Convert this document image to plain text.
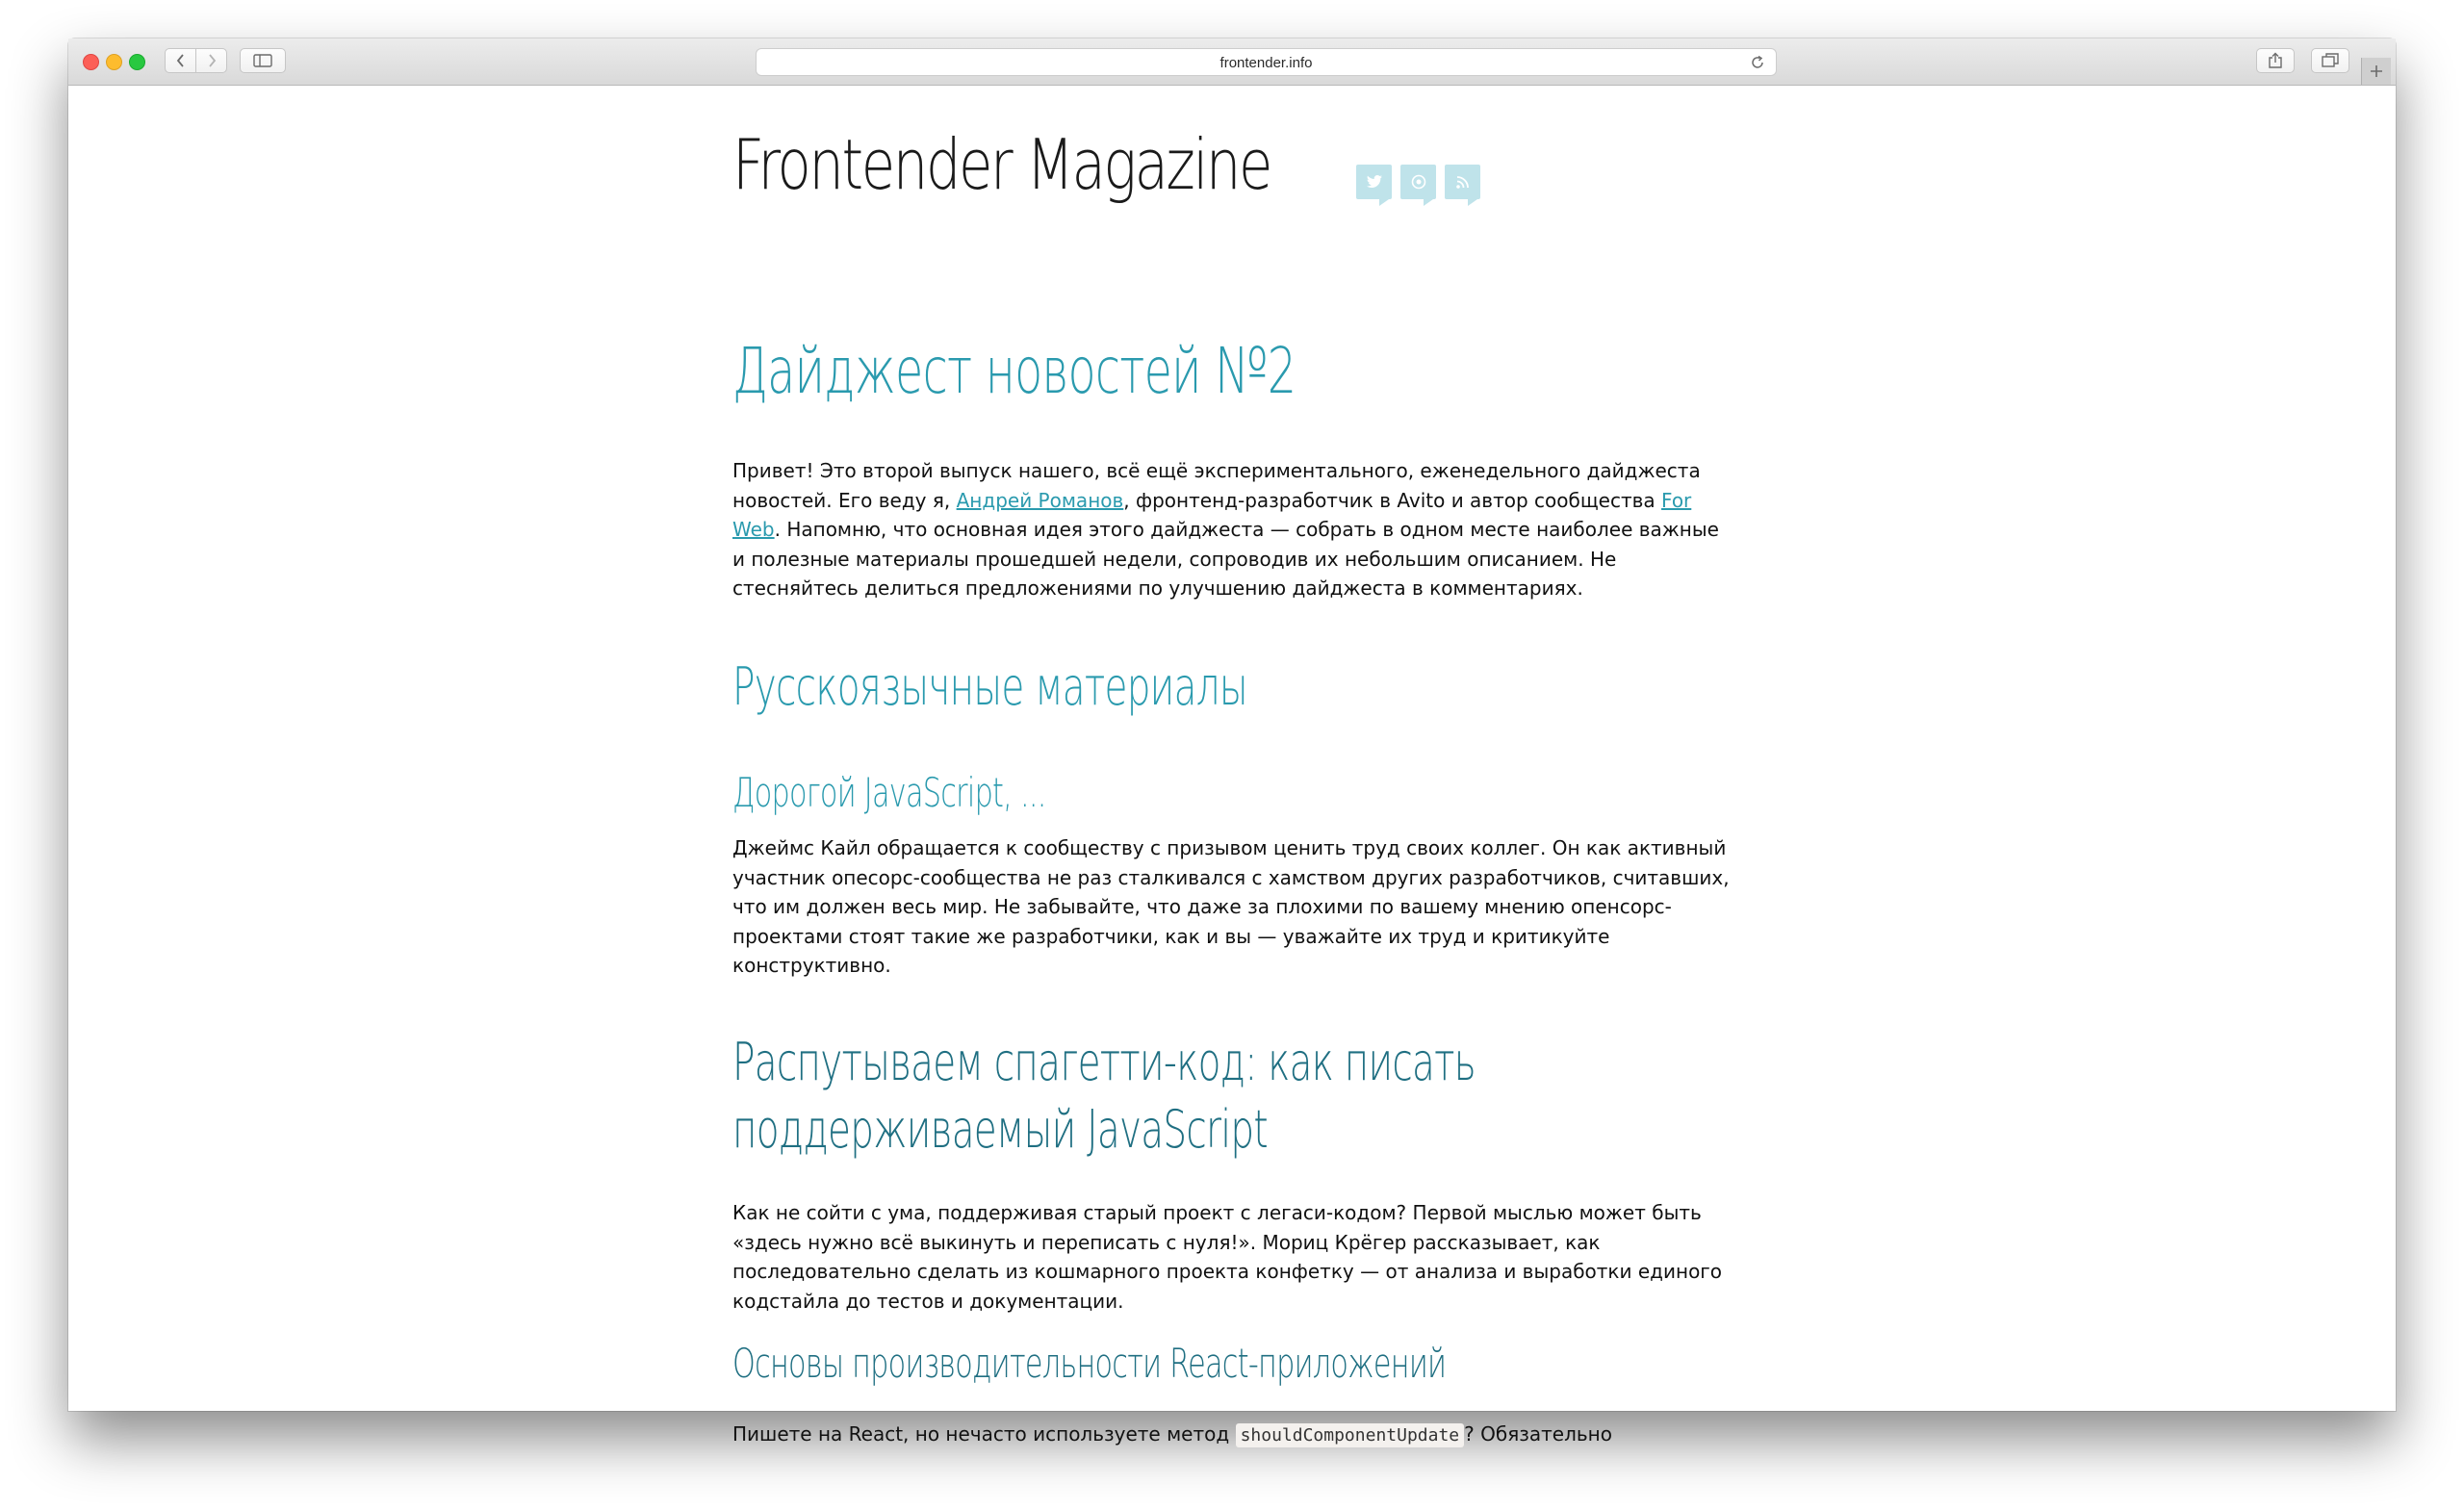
frontender.info
Frontender Magazine
Дайджест новостей №2

Привет! Это второй выпуск нашего, всё ещё экспериментального, еженедельного дайджеста новостей. Его веду я, Андрей Романов, фронтенд-разработчик в Avito и автор сообщества For Web. Напомню, что основная идея этого дайджеста — собрать в одном месте наиболее важные и полезные материалы прошедшей недели, сопроводив их небольшим описанием. Не стесняйтесь делиться предложениями по улучшению дайджеста в комментариях.

Русскоязычные материалы
Дорогой JavaScript, ...

Джеймс Кайл обращается к сообществу с призывом ценить труд своих коллег. Он как активный участник опесорс-сообщества не раз сталкивался с хамством других разработчиков, считавших, что им должен весь мир. Не забывайте, что даже за плохими по вашему мнению опенсорс-проектами стоят такие же разработчики, как и вы — уважайте их труд и критикуйте конструктивно.

Распутываем спагетти-код: как писать поддерживаемый JavaScript

Как не сойти с ума, поддерживая старый проект с легаси-кодом? Первой мыслью может быть «здесь нужно всё выкинуть и переписать с нуля!». Мориц Крёгер рассказывает, как последовательно сделать из кошмарного проекта конфетку — от анализа и выработки единого кодстайла до тестов и документации.

Основы производительности React-приложений

Пишете на React, но нечасто используете метод shouldComponentUpdate ? Обязательно
